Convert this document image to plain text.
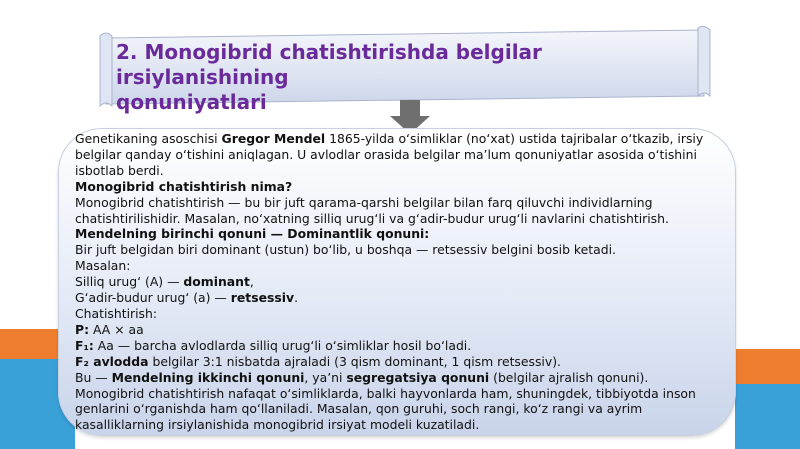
2. Monogibrid chatishtirishda belgilar irsiylanishining
qonuniyatlari

Genetikaning asoschisi Gregor Mendel 1865-yilda o‘simliklar (no‘xat) ustida tajribalar o‘tkazib, irsiy belgilar qanday o‘tishini aniqlagan. U avlodlar orasida belgilar ma’lum qonuniyatlar asosida o‘tishini isbotlab berdi.

Monogibrid chatishtirish nima?

Monogibrid chatishtirish — bu bir juft qarama-qarshi belgilar bilan farq qiluvchi individlarning chatishtirilishidir. Masalan, no‘xatning silliq urug‘li va g‘adir-budur urug‘li navlarini chatishtirish.

Mendelning birinchi qonuni — Dominantlik qonuni:

Bir juft belgidan biri dominant (ustun) bo‘lib, u boshqa — retsessiv belgini bosib ketadi.

Masalan:

Silliq urug‘ (A) — dominant,

G‘adir-budur urug‘ (a) — retsessiv.

Chatishtirish:

P: AA × aa

F₁: Aa — barcha avlodlarda silliq urug‘li o‘simliklar hosil bo‘ladi.

F₂ avlodda belgilar 3:1 nisbatda ajraladi (3 qism dominant, 1 qism retsessiv).

Bu — Mendelning ikkinchi qonuni, ya’ni segregatsiya qonuni (belgilar ajralish qonuni).

Monogibrid chatishtirish nafaqat o‘simliklarda, balki hayvonlarda ham, shuningdek, tibbiyotda inson genlarini o‘rganishda ham qo‘llaniladi. Masalan, qon guruhi, soch rangi, ko‘z rangi va ayrim kasalliklarning irsiylanishida monogibrid irsiyat modeli kuzatiladi.
